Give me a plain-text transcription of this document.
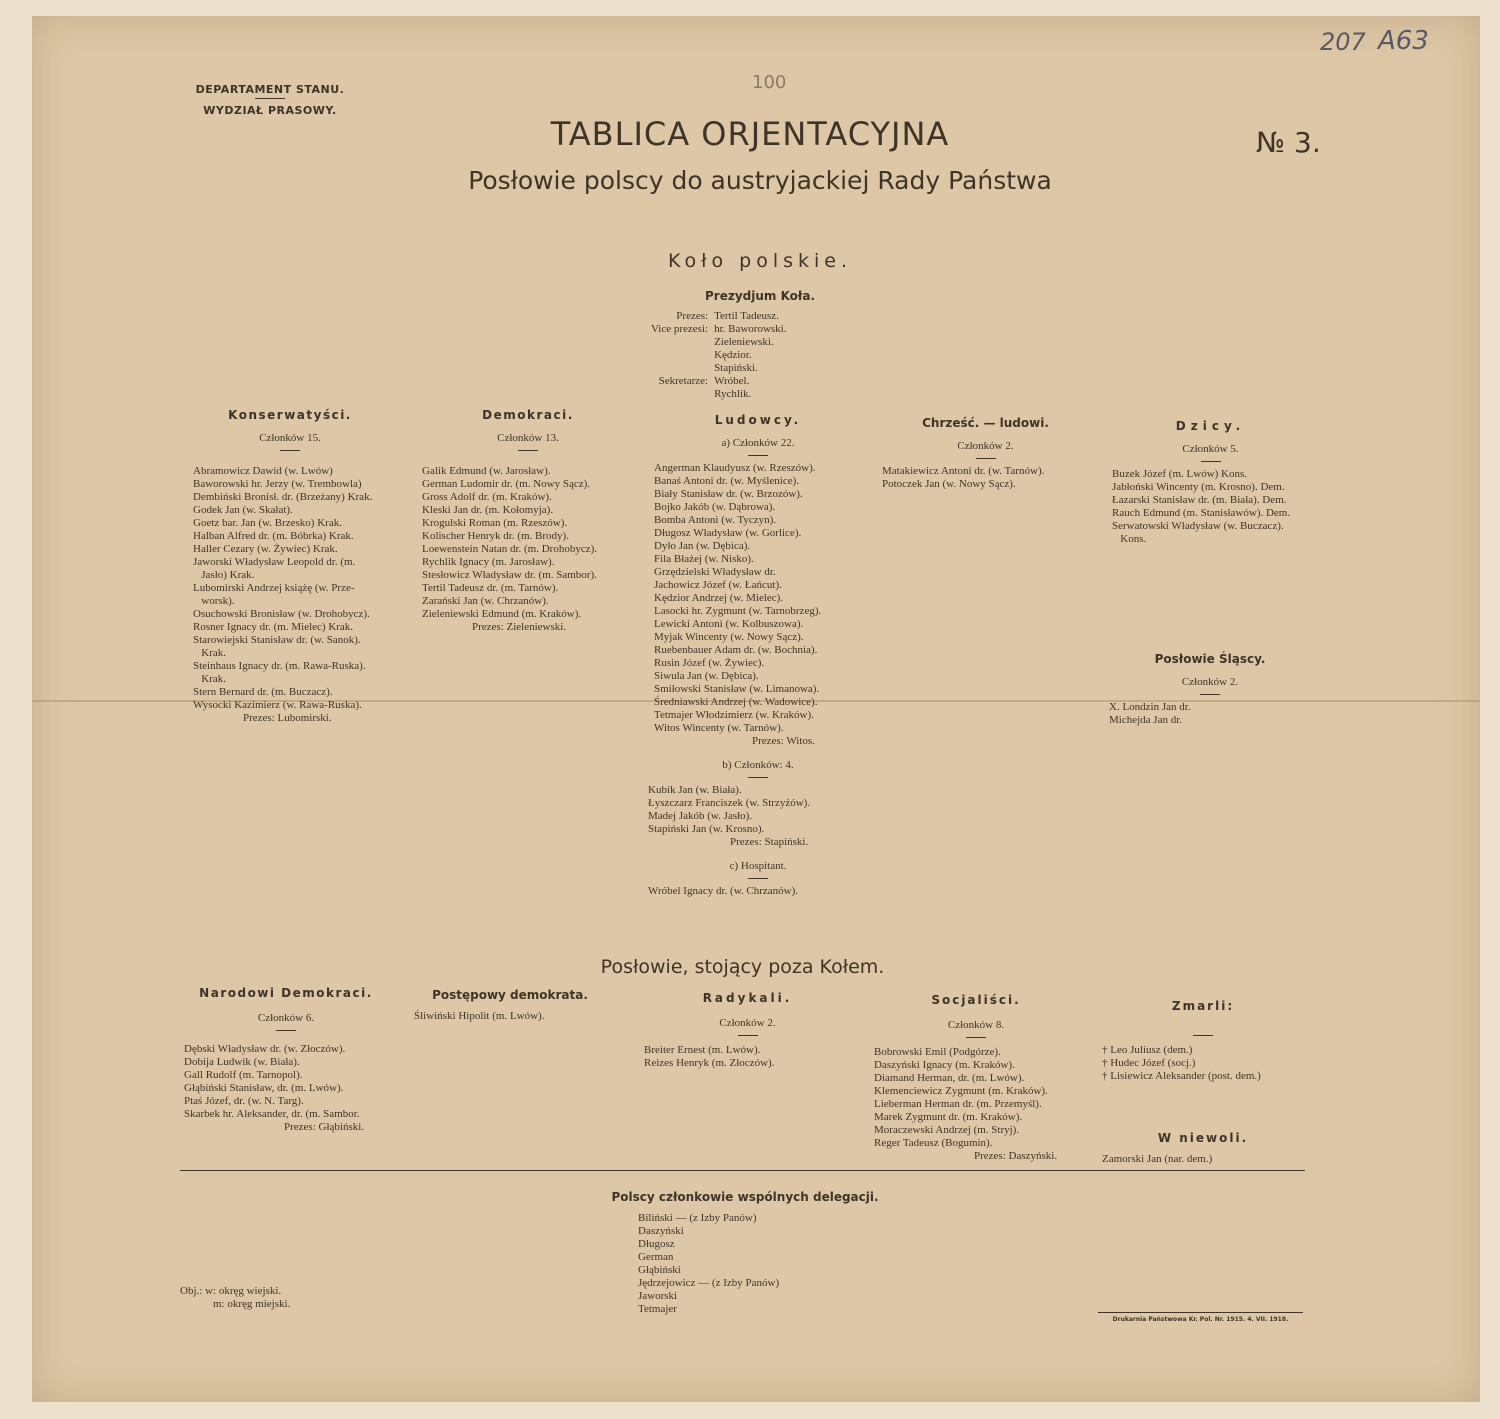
207 A63
100
DEPARTAMENT STANU.
WYDZIAŁ PRASOWY.
TABLICA ORJENTACYJNA	№ 3.
Posłowie polscy do austryjackiej Rady Państwa
Koło polskie.
Prezydjum Koła.
Prezes:	Tertil Tadeusz.
Vice prezesi:	hr. Baworowski.
	Zieleniewski.
	Kędzior.
	Stapiński.
Sekretarze:	Wróbel.
	Rychlik.
Konserwatyści.
Członków 15.
Abramowicz Dawid (w. Lwów)
Baworowski hr. Jerzy (w. Trembowla)
Dembiński Bronisł. dr. (Brzeżany) Krak.
Godek Jan (w. Skałat).
Goetz bar. Jan (w. Brzesko) Krak.
Halban Alfred dr. (m. Bóbrka) Krak.
Haller Cezary (w. Żywiec) Krak.
Jaworski Władysław Leopold dr. (m.
Jasło) Krak.
Lubomirski Andrzej książę (w. Prze-
worsk).
Osuchowski Bronisław (w. Drohobycz).
Rosner Ignacy dr. (m. Mielec) Krak.
Starowiejski Stanisław dr. (w. Sanok).
Krak.
Steinhaus Ignacy dr. (m. Rawa-Ruska).
Krak.
Stern Bernard dr. (m. Buczacz).
Wysocki Kazimierz (w. Rawa-Ruska).
Prezes: Lubomirski.
Demokraci.
Członków 13.
Galik Edmund (w. Jarosław).
German Ludomir dr. (m. Nowy Sącz).
Gross Adolf dr. (m. Kraków).
Kleski Jan dr. (m. Kołomyja).
Krogulski Roman (m. Rzeszów).
Kolischer Henryk dr. (m. Brody).
Loewenstein Natan dr. (m. Drohobycz).
Rychlik Ignacy (m. Jarosław).
Stesłowicz Władysław dr. (m. Sambor).
Tertil Tadeusz dr. (m. Tarnów).
Zarański Jan (w. Chrzanów).
Zieleniewski Edmund (m. Kraków).
Prezes: Zieleniewski.
Ludowcy.
a) Członków 22.
Angerman Klaudyusz (w. Rzeszów).
Banaś Antoni dr. (w. Myślenice).
Biały Stanisław dr. (w. Brzozów).
Bojko Jakób (w. Dąbrowa).
Bomba Antoni (w. Tyczyn).
Długosz Władysław (w. Gorlice).
Dyło Jan (w. Dębica).
Fila Błażej (w. Nisko).
Grzędzielski Władysław dr.
Jachowicz Józef (w. Łańcut).
Kędzior Andrzej (w. Mielec).
Lasocki hr. Zygmunt (w. Tarnobrzeg).
Lewicki Antoni (w. Kolbuszowa).
Myjak Wincenty (w. Nowy Sącz).
Ruebenbauer Adam dr. (w. Bochnia).
Rusin Józef (w. Żywiec).
Siwula Jan (w. Dębica).
Smiłowski Stanisław (w. Limanowa).
Średniawski Andrzej (w. Wadowice).
Tetmajer Włodzimierz (w. Kraków).
Witos Wincenty (w. Tarnów).
Prezes: Witos.
b) Członków: 4.
Kubik Jan (w. Biała).
Łyszczarz Franciszek (w. Strzyżów).
Madej Jakób (w. Jasło).
Stapiński Jan (w. Krosno).
Prezes: Stapiński.
c) Hospitant.
Wróbel Ignacy dr. (w. Chrzanów).
Chrześć. — ludowi.
Członków 2.
Matakiewicz Antoni dr. (w. Tarnów).
Potoczek Jan (w. Nowy Sącz).
Dzicy.
Członków 5.
Buzek Józef (m. Lwów) Kons.
Jabłoński Wincenty (m. Krosno). Dem.
Łazarski Stanisław dr. (m. Biała). Dem.
Rauch Edmund (m. Stanisławów). Dem.
Serwatowski Władysław (w. Buczacz).
Kons.
Posłowie Śląscy.
Członków 2.
X. Londzin Jan dr.
Michejda Jan dr.
Posłowie, stojący poza Kołem.
Narodowi Demokraci.
Członków 6.
Dębski Władysław dr. (w. Złoczów).
Dobija Ludwik (w. Biała).
Gall Rudolf (m. Tarnopol).
Głąbiński Stanisław, dr. (m. Lwów).
Ptaś Józef, dr. (w. N. Targ).
Skarbek hr. Aleksander, dr. (m. Sambor.
Prezes: Głąbiński.
Postępowy demokrata.
Śliwiński Hipolit (m. Lwów).
Radykali.
Członków 2.
Breiter Ernest (m. Lwów).
Reizes Henryk (m. Złoczów).
Socjaliści.
Członków 8.
Bobrowski Emil (Podgórze).
Daszyński Ignacy (m. Kraków).
Diamand Herman, dr. (m. Lwów).
Klemenciewicz Zygmunt (m. Kraków).
Lieberman Herman dr. (m. Przemyśl).
Marek Zygmunt dr. (m. Kraków).
Moraczewski Andrzej (m. Stryj).
Reger Tadeusz (Bogumin).
Prezes: Daszyński.
Zmarli:
† Leo Juliusz (dem.)
† Hudec Józef (socj.)
† Lisiewicz Aleksander (post. dem.)
W niewoli.
Zamorski Jan (nar. dem.)
Polscy członkowie wspólnych delegacji.
Biliński — (z Izby Panów)
Daszyński
Długosz
German
Głąbiński
Jędrzejowicz — (z Izby Panów)
Jaworski
Tetmajer
Obj.: w: okręg wiejski.
m: okręg miejski.
Drukarnia Państwowa Kr. Pol. Nr. 1915. 4. VII. 1918.
